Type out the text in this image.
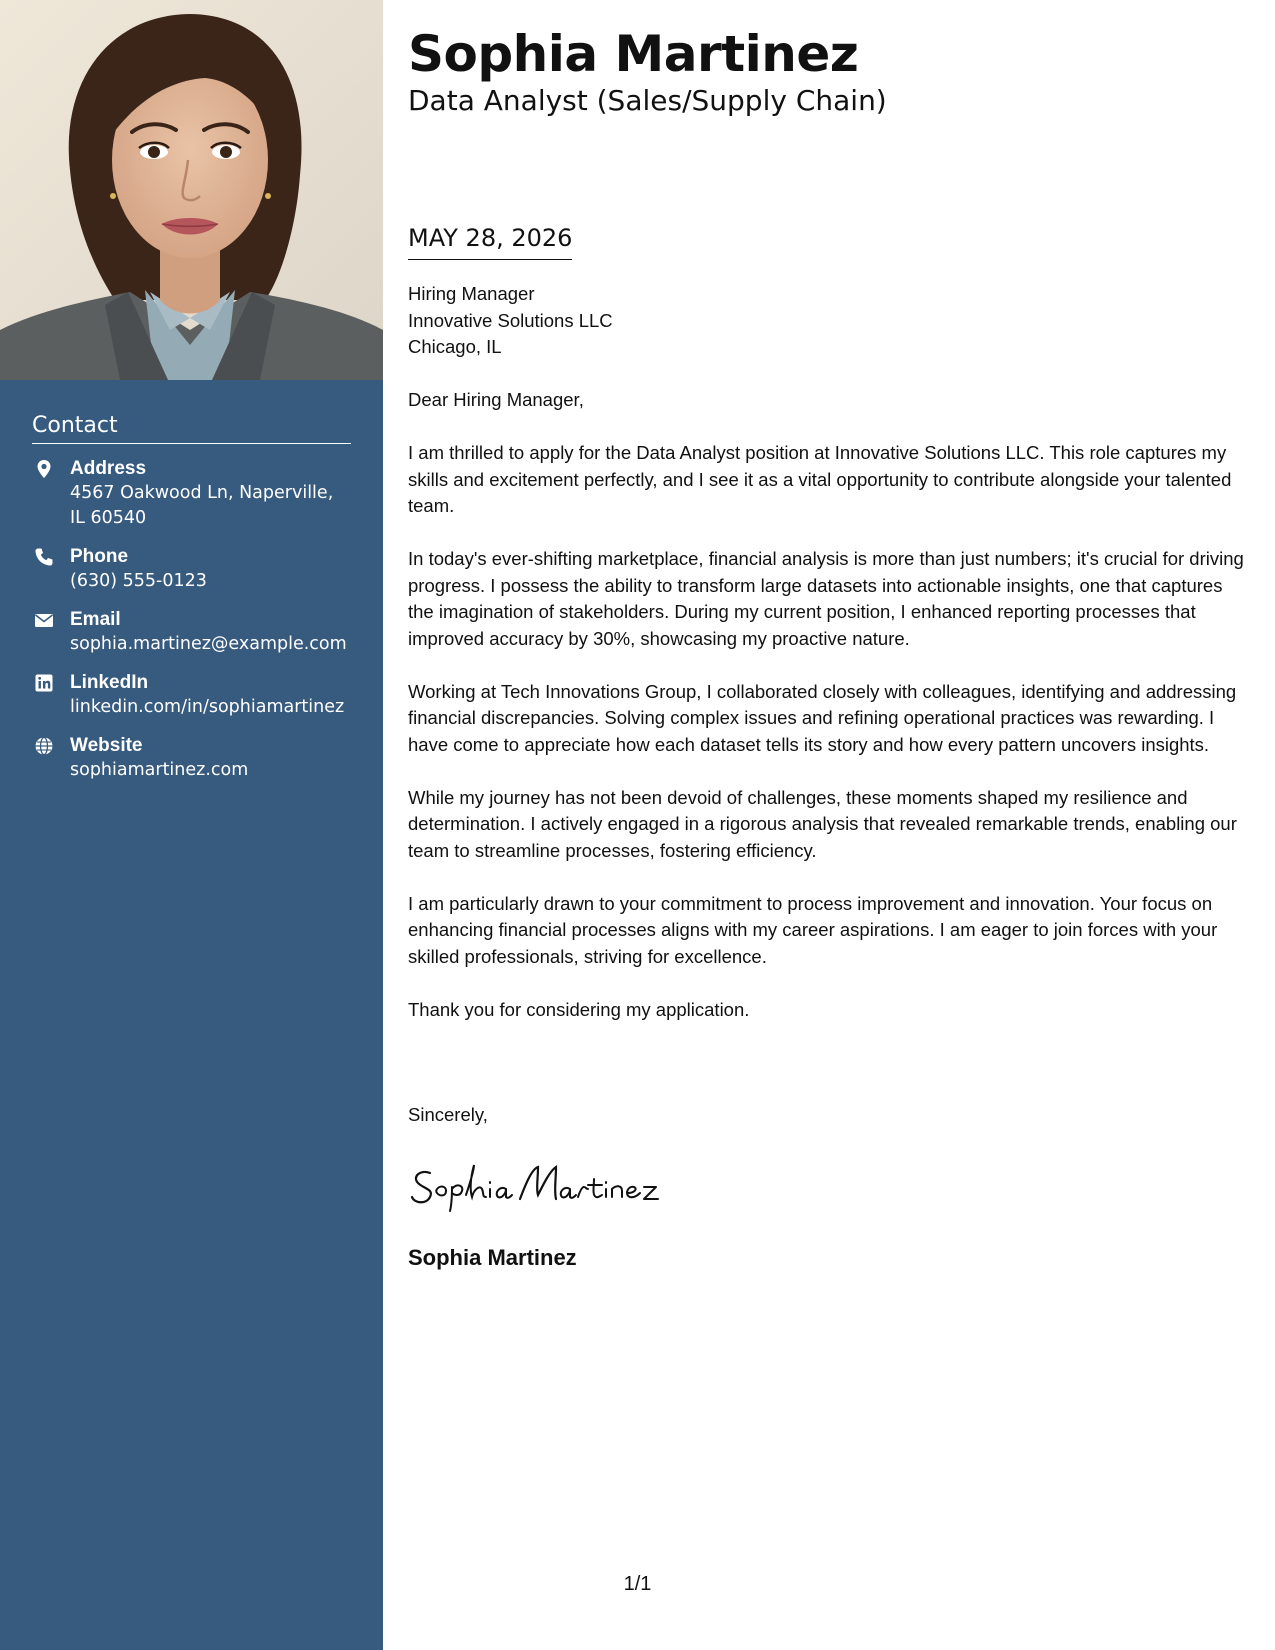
Contact
Address
4567 Oakwood Ln, Naperville, IL 60540
Phone
(630) 555-0123
Email
sophia.martinez@example.com
LinkedIn
linkedin.com/in/sophiamartinez
Website
sophiamartinez.com
Sophia Martinez
Data Analyst (Sales/Supply Chain)
MAY 28, 2026
Hiring Manager
Innovative Solutions LLC
Chicago, IL

Dear Hiring Manager,

I am thrilled to apply for the Data Analyst position at Innovative Solutions LLC. This role captures my skills and excitement perfectly, and I see it as a vital opportunity to contribute alongside your talented team.

In today's ever-shifting marketplace, financial analysis is more than just numbers; it's crucial for driving progress. I possess the ability to transform large datasets into actionable insights, one that captures the imagination of stakeholders. During my current position, I enhanced reporting processes that improved accuracy by 30%, showcasing my proactive nature.

Working at Tech Innovations Group, I collaborated closely with colleagues, identifying and addressing financial discrepancies. Solving complex issues and refining operational practices was rewarding. I have come to appreciate how each dataset tells its story and how every pattern uncovers insights.

While my journey has not been devoid of challenges, these moments shaped my resilience and determination. I actively engaged in a rigorous analysis that revealed remarkable trends, enabling our team to streamline processes, fostering efficiency.

I am particularly drawn to your commitment to process improvement and innovation. Your focus on enhancing financial processes aligns with my career aspirations. I am eager to join forces with your skilled professionals, striving for excellence.

Thank you for considering my application.

Sincerely,
Sophia Martinez
1/1
